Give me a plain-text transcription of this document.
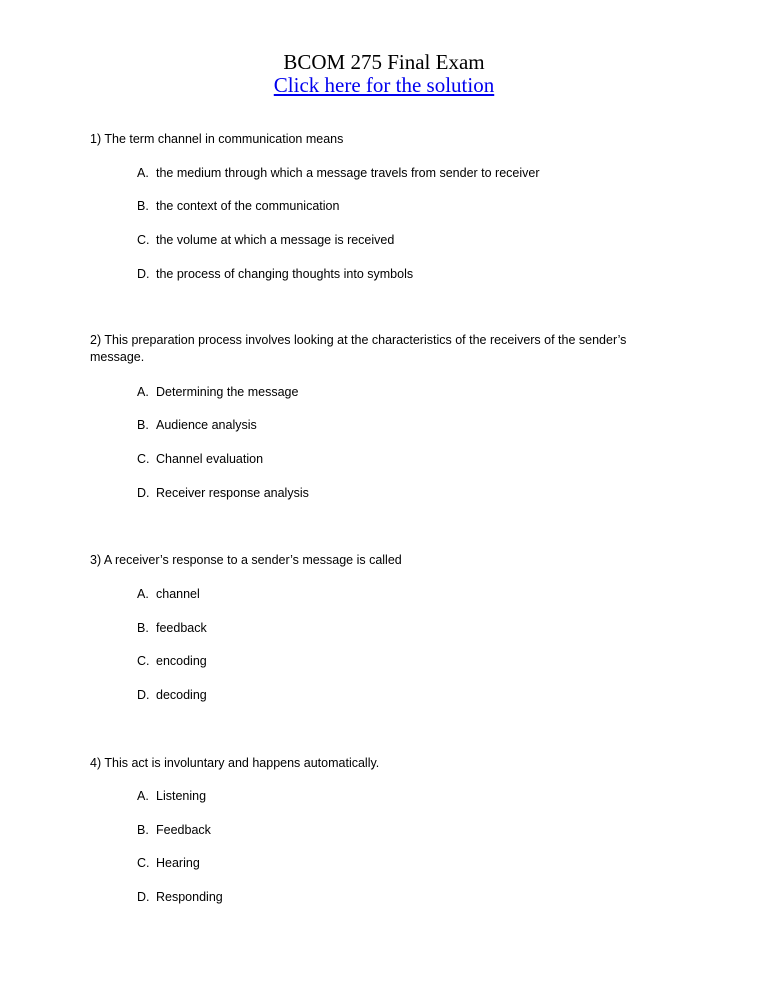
BCOM 275 Final Exam
Click here for the solution
1) The term channel in communication means
A. the medium through which a message travels from sender to receiver
B. the context of the communication
C. the volume at which a message is received
D. the process of changing thoughts into symbols
2) This preparation process involves looking at the characteristics of the receivers of the sender’s message.
A. Determining the message
B. Audience analysis
C. Channel evaluation
D. Receiver response analysis
3) A receiver’s response to a sender’s message is called
A. channel
B. feedback
C. encoding
D. decoding
4) This act is involuntary and happens automatically.
A. Listening
B. Feedback
C. Hearing
D. Responding
